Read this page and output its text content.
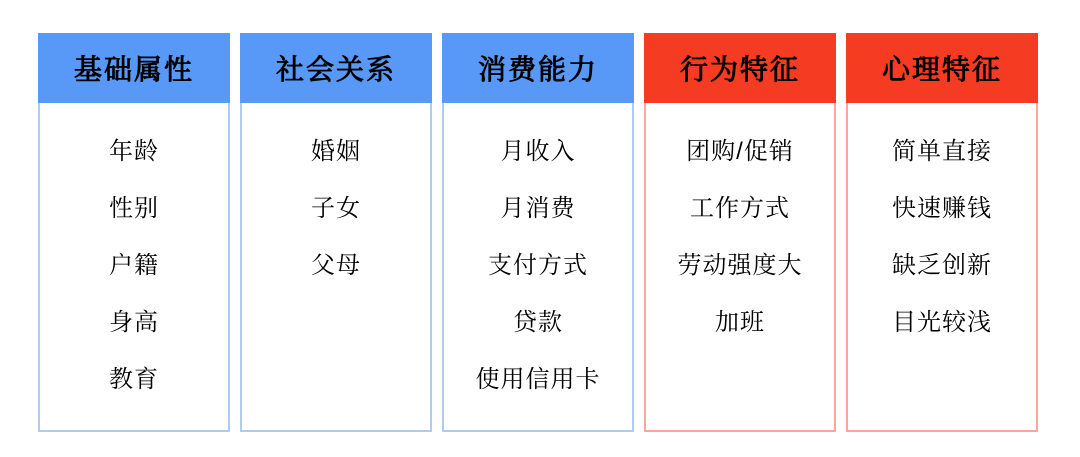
基础属性
年龄
性别
户籍
身高
教育
社会关系
婚姻
子女
父母
消费能力
月收入
月消费
支付方式
贷款
使用信用卡
行为特征
团购/促销
工作方式
劳动强度大
加班
心理特征
简单直接
快速赚钱
缺乏创新
目光较浅
